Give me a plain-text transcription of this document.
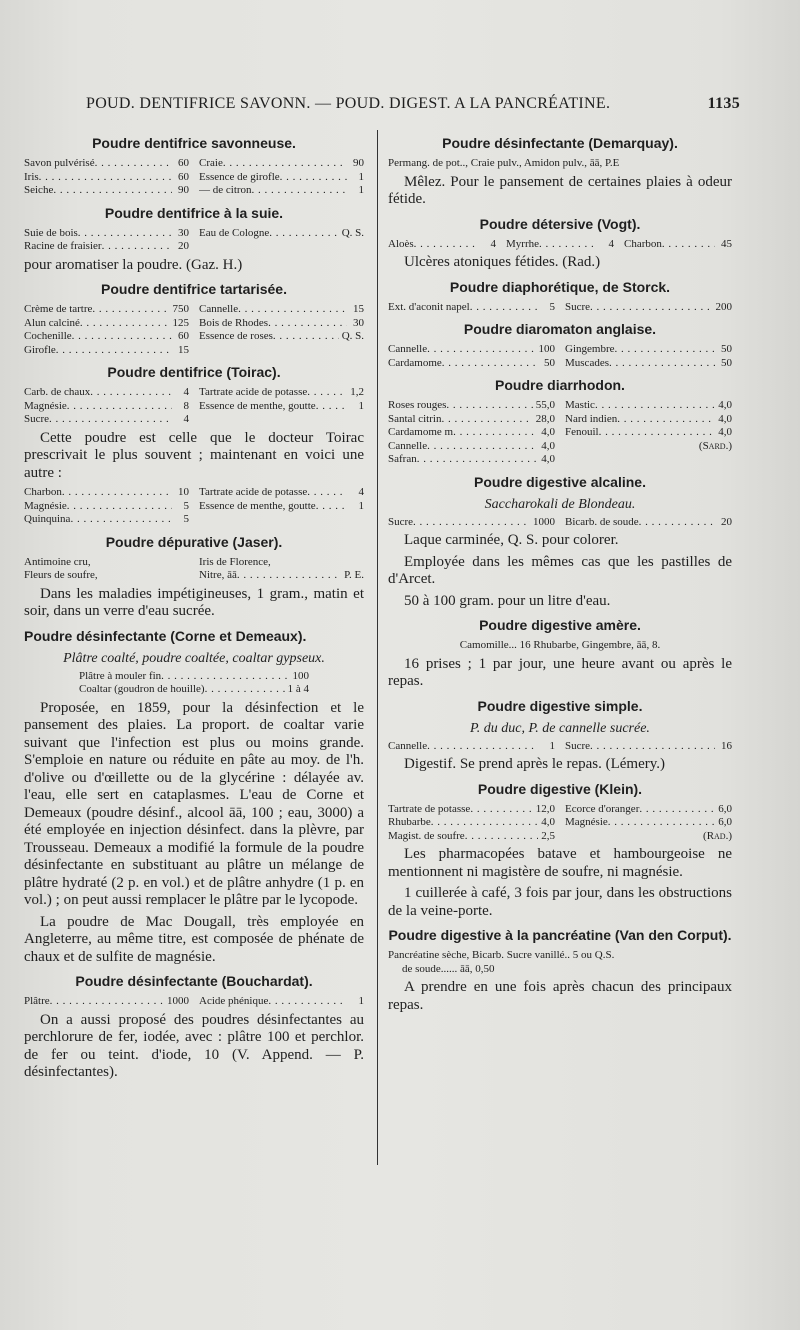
POUD. DENTIFRICE SAVONN. — POUD. DIGEST. A LA PANCRÉATINE.	1135
Poudre dentifrice savonneuse.
Savon pulvérisé . . .	60 Craie . . .	90
Iris . . .	60 Essence de girofle . . .	1
Seiche . . .	90 — de citron . . .	1
Poudre dentifrice à la suie.
Suie de bois . . .	30 Eau de Cologne . . .	Q. S.
Racine de fraisier . . .	20

pour aromatiser la poudre. (Gaz. H.)

Poudre dentifrice tartarisée.
Crème de tartre . . .	750 Cannelle . . .	15
Alun calciné . . .	125 Bois de Rhodes . . .	30
Cochenille . . .	60 Essence de roses . . .	Q. S.
Girofle . . .	15
Poudre dentifrice (Toirac).
Carb. de chaux . . .	4 Tartrate acide de potasse . . .	1,2
Magnésie . . .	8 Essence de menthe, goutte . . .	1
Sucre . . .	4

Cette poudre est celle que le docteur Toirac prescrivait le plus souvent ; maintenant en voici une autre :

Charbon . . .	10 Tartrate acide de potasse . . .	4
Magnésie . . .	5 Essence de menthe, goutte . . .	1
Quinquina . . .	5
Poudre dépurative (Jaser).
Antimoine cru,	Iris de Florence,
Fleurs de soufre,	Nitre, āā . . .	P. E.

Dans les maladies impétigineuses, 1 gram., matin et soir, dans un verre d'eau sucrée.

Poudre désinfectante (Corne et Demeaux).
Plâtre coalté, poudre coaltée, coaltar gypseux.
Plâtre à mouler fin . . .	100
Coaltar (goudron de houille) . . .	1 à 4

Proposée, en 1859, pour la désinfection et le pansement des plaies. La proport. de coaltar varie suivant que l'infection est plus ou moins grande. S'emploie en nature ou réduite en pâte au moy. de l'h. d'olive ou d'œillette ou de la glycérine : délayée av. l'eau, elle sert en cataplasmes. L'eau de Corne et Demeaux (poudre désinf., alcool āā, 100 ; eau, 3000) a été employée en injection désinfect. dans la plèvre, par Trousseau. Demeaux a modifié la formule de la poudre désinfectante en substituant au plâtre un mélange de plâtre hydraté (2 p. en vol.) et de plâtre anhydre (1 p. en vol.) ; on peut aussi remplacer le plâtre par le lycopode.

La poudre de Mac Dougall, très employée en Angleterre, au même titre, est composée de phénate de chaux et de sulfite de magnésie.

Poudre désinfectante (Bouchardat).
Plâtre . . .	1000 Acide phénique . . .	1

On a aussi proposé des poudres désinfectantes au perchlorure de fer, iodée, avec : plâtre 100 et perchlor. de fer ou teint. d'iode, 10 (V. Append. — P. désinfectantes).

Poudre désinfectante (Demarquay).
Permang. de pot.., Craie pulv., Amidon pulv., āā, P.E

Mêlez. Pour le pansement de certaines plaies à odeur fétide.

Poudre détersive (Vogt).
Aloès . . .	4 Myrrhe . . .	4 Charbon . . .	45

Ulcères atoniques fétides. (Rad.)

Poudre diaphorétique, de Storck.
Ext. d'aconit napel . . .	5 Sucre . . .	200
Poudre diaromaton anglaise.
Cannelle . . .	100 Gingembre . . .	50
Cardamome . . .	50 Muscades . . .	50
Poudre diarrhodon.
Roses rouges . . .	55,0 Mastic . . .	4,0
Santal citrin . . .	28,0 Nard indien . . .	4,0
Cardamome m . . .	4,0 Fenouil . . .	4,0
Cannelle . . .	4,0	(Sard.)
Safran . . .	4,0
Poudre digestive alcaline.
Saccharokali de Blondeau.
Sucre . . .	1000 Bicarb. de soude . . .	20

Laque carminée, Q. S. pour colorer.

Employée dans les mêmes cas que les pastilles de d'Arcet.

50 à 100 gram. pour un litre d'eau.

Poudre digestive amère.
Camomille... 16 Rhubarbe, Gingembre, āā, 8.

16 prises ; 1 par jour, une heure avant ou après le repas.

Poudre digestive simple.
P. du duc, P. de cannelle sucrée.
Cannelle . . .	1 Sucre . . .	16

Digestif. Se prend après le repas. (Lémery.)

Poudre digestive (Klein).
Tartrate de potasse . . .	12,0 Ecorce d'oranger . . .	6,0
Rhubarbe . . .	4,0 Magnésie . . .	6,0
Magist. de soufre . . .	2,5	(Rad.)

Les pharmacopées batave et hambourgeoise ne mentionnent ni magistère de soufre, ni magnésie.

1 cuillerée à café, 3 fois par jour, dans les obstructions de la veine-porte.

Poudre digestive à la pancréatine (Van den Corput).
Pancréatine sèche, Bicarb. Sucre vanillé.. 5 ou Q.S.
de soude...... āā, 0,50

A prendre en une fois après chacun des principaux repas.
